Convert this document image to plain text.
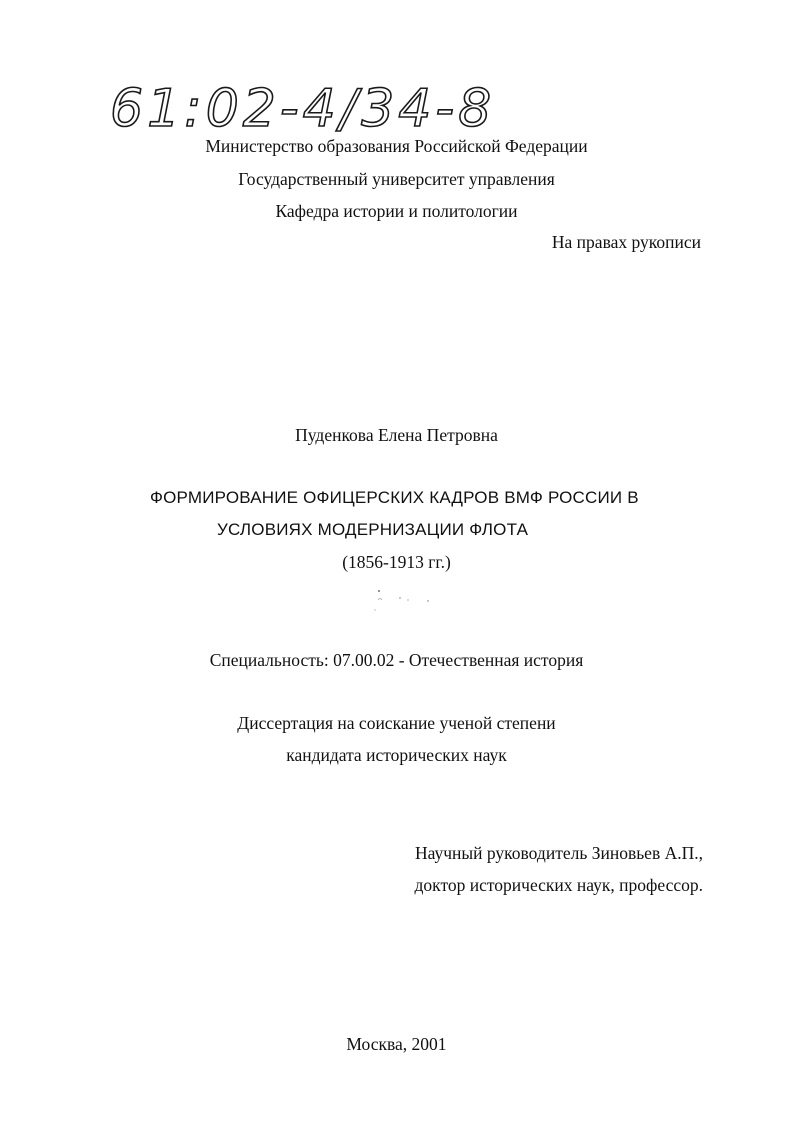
61:02-4/34-8
Министерство образования Российской Федерации
Государственный университет управления
Кафедра истории и политологии
На правах рукописи
Пуденкова Елена Петровна
ФОРМИРОВАНИЕ ОФИЦЕРСКИХ КАДРОВ ВМФ РОССИИ В
УСЛОВИЯХ МОДЕРНИЗАЦИИ ФЛОТА
(1856-1913 гг.)
Специальность: 07.00.02 - Отечественная история
Диссертация на соискание ученой степени
кандидата исторических наук
Научный руководитель Зиновьев А.П.,
доктор исторических наук, профессор.
Москва, 2001
